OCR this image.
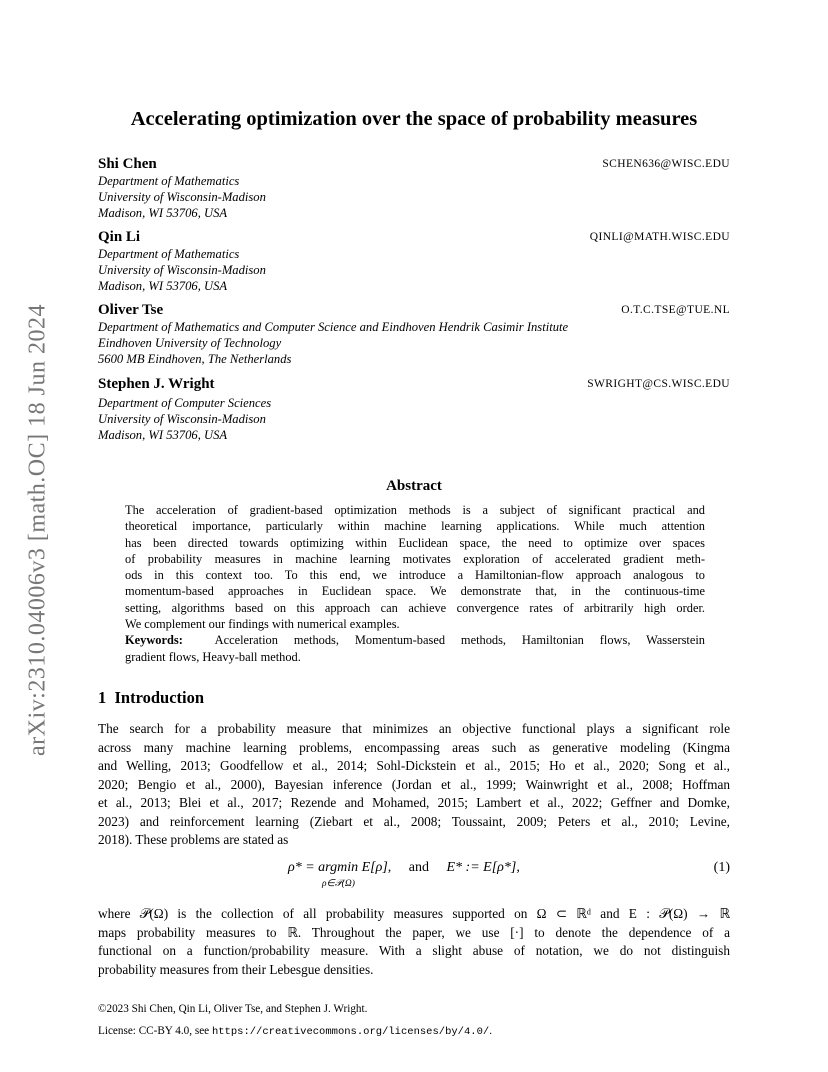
arXiv:2310.04006v3 [math.OC] 18 Jun 2024
Accelerating optimization over the space of probability measures
Shi Chen	SCHEN636@WISC.EDU
Department of Mathematics
University of Wisconsin-Madison
Madison, WI 53706, USA
Qin Li	QINLI@MATH.WISC.EDU
Department of Mathematics
University of Wisconsin-Madison
Madison, WI 53706, USA
Oliver Tse	O.T.C.TSE@TUE.NL
Department of Mathematics and Computer Science and Eindhoven Hendrik Casimir Institute
Eindhoven University of Technology
5600 MB Eindhoven, The Netherlands
Stephen J. Wright	SWRIGHT@CS.WISC.EDU
Department of Computer Sciences
University of Wisconsin-Madison
Madison, WI 53706, USA
Abstract
The acceleration of gradient-based optimization methods is a subject of significant practical and
theoretical importance, particularly within machine learning applications. While much attention
has been directed towards optimizing within Euclidean space, the need to optimize over spaces
of probability measures in machine learning motivates exploration of accelerated gradient meth-
ods in this context too. To this end, we introduce a Hamiltonian-flow approach analogous to
momentum-based approaches in Euclidean space. We demonstrate that, in the continuous-time
setting, algorithms based on this approach can achieve convergence rates of arbitrarily high order.
We complement our findings with numerical examples.
Keywords:	Acceleration methods, Momentum-based methods, Hamiltonian flows, Wasserstein
gradient flows, Heavy-ball method.
1 Introduction
The search for a probability measure that minimizes an objective functional plays a significant role
across many machine learning problems, encompassing areas such as generative modeling (Kingma
and Welling, 2013; Goodfellow et al., 2014; Sohl-Dickstein et al., 2015; Ho et al., 2020; Song et al.,
2020; Bengio et al., 2000), Bayesian inference (Jordan et al., 1999; Wainwright et al., 2008; Hoffman
et al., 2013; Blei et al., 2017; Rezende and Mohamed, 2015; Lambert et al., 2022; Geffner and Domke,
2023) and reinforcement learning (Ziebart et al., 2008; Toussaint, 2009; Peters et al., 2010; Levine,
2018). These problems are stated as
ρ* = argmin E[ρ], and E* := E[ρ*],
ρ∈𝒫(Ω)
(1)
where 𝒫(Ω) is the collection of all probability measures supported on Ω ⊂ ℝᵈ and E : 𝒫(Ω) → ℝ
maps probability measures to ℝ. Throughout the paper, we use [·] to denote the dependence of a
functional on a function/probability measure. With a slight abuse of notation, we do not distinguish
probability measures from their Lebesgue densities.
©2023 Shi Chen, Qin Li, Oliver Tse, and Stephen J. Wright.
License: CC-BY 4.0, see https://creativecommons.org/licenses/by/4.0/.
